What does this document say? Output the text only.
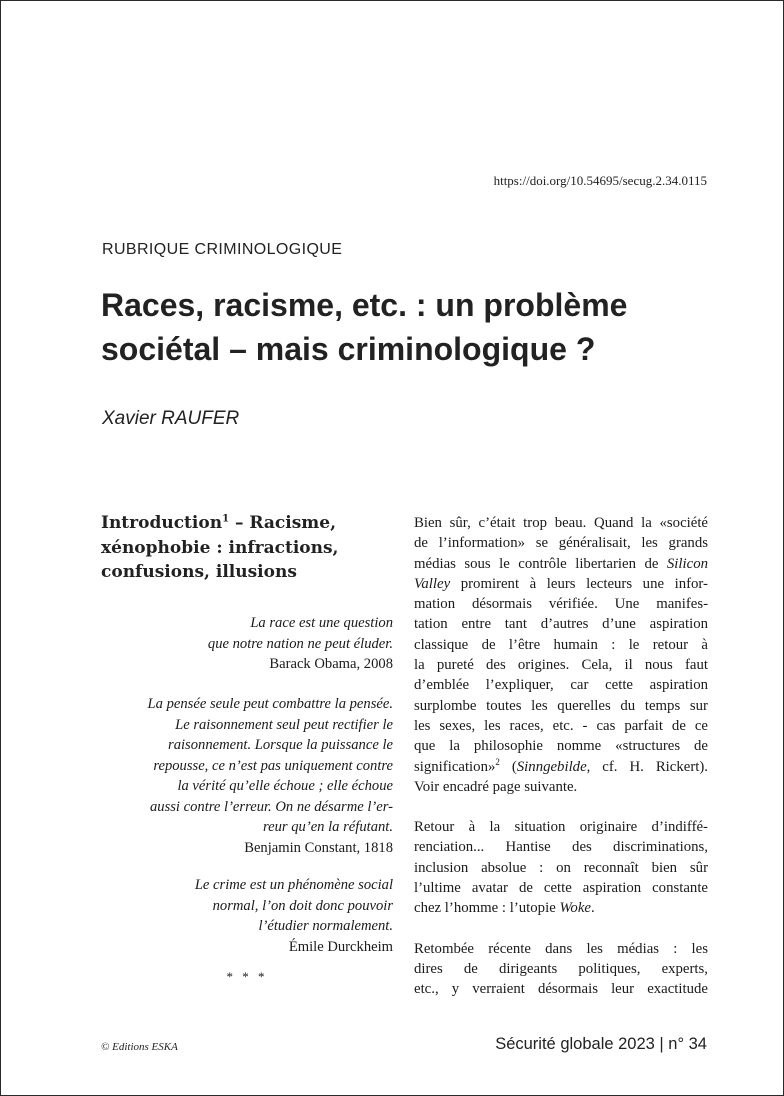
https://doi.org/10.54695/secug.2.34.0115
RUBRIQUE CRIMINOLOGIQUE
Races, racisme, etc. : un problème
sociétal – mais criminologique ?
Xavier RAUFER
Introduction$^1$ – Racisme,
xénophobie : infractions,
confusions, illusions
La race est une question
que notre nation ne peut éluder.
Barack Obama, 2008
La pensée seule peut combattre la pensée.
Le raisonnement seul peut rectifier le
raisonnement. Lorsque la puissance le
repousse, ce n’est pas uniquement contre
la vérité qu’elle échoue ; elle échoue
aussi contre l’erreur. On ne désarme l’er-
reur qu’en la réfutant.
Benjamin Constant, 1818
Le crime est un phénomène social
normal, l’on doit donc pouvoir
l’étudier normalement.
Émile Durckheim
* * *
Bien sûr, c’était trop beau. Quand la «société
de l’information» se généralisait, les grands
médias sous le contrôle libertarien de Silicon
Valley promirent à leurs lecteurs une infor-
mation désormais vérifiée. Une manifes-
tation entre tant d’autres d’une aspiration
classique de l’être humain : le retour à
la pureté des origines. Cela, il nous faut
d’emblée l’expliquer, car cette aspiration
surplombe toutes les querelles du temps sur
les sexes, les races, etc. - cas parfait de ce
que la philosophie nomme «structures de
signification»$^2$ (Sinngebilde, cf. H. Rickert).
Voir encadré page suivante.
Retour à la situation originaire d’indiffé-
renciation... Hantise des discriminations,
inclusion absolue : on reconnaît bien sûr
l’ultime avatar de cette aspiration constante
chez l’homme : l’utopie Woke.
Retombée récente dans les médias : les
dires de dirigeants politiques, experts,
etc., y verraient désormais leur exactitude
© Editions ESKA	Sécurité globale 2023 | n° 34
